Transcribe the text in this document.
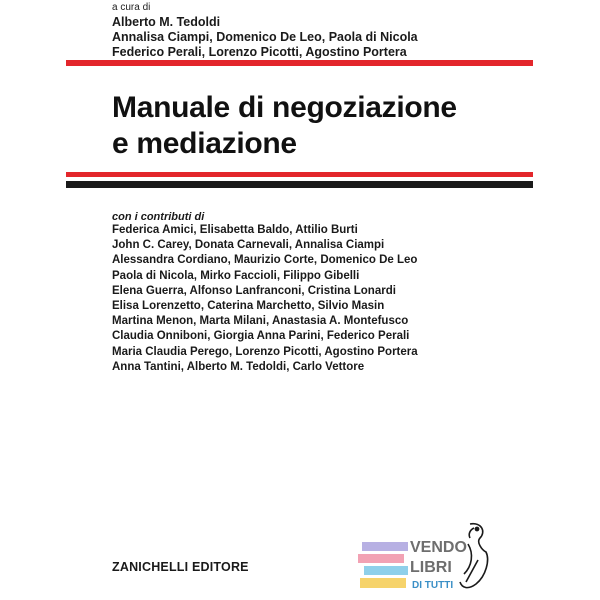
a cura di
Alberto M. Tedoldi
Annalisa Ciampi, Domenico De Leo, Paola di Nicola
Federico Perali, Lorenzo Picotti, Agostino Portera
Manuale di negoziazione
e mediazione
con i contributi di
Federica Amici, Elisabetta Baldo, Attilio Burti
John C. Carey, Donata Carnevali, Annalisa Ciampi
Alessandra Cordiano, Maurizio Corte, Domenico De Leo
Paola di Nicola, Mirko Faccioli, Filippo Gibelli
Elena Guerra, Alfonso Lanfranconi, Cristina Lonardi
Elisa Lorenzetto, Caterina Marchetto, Silvio Masin
Martina Menon, Marta Milani, Anastasia A. Montefusco
Claudia Onniboni, Giorgia Anna Parini, Federico Perali
Maria Claudia Perego, Lorenzo Picotti, Agostino Portera
Anna Tantini, Alberto M. Tedoldi, Carlo Vettore
ZANICHELLI EDITORE
VENDO
LIBRI
DI TUTTI
